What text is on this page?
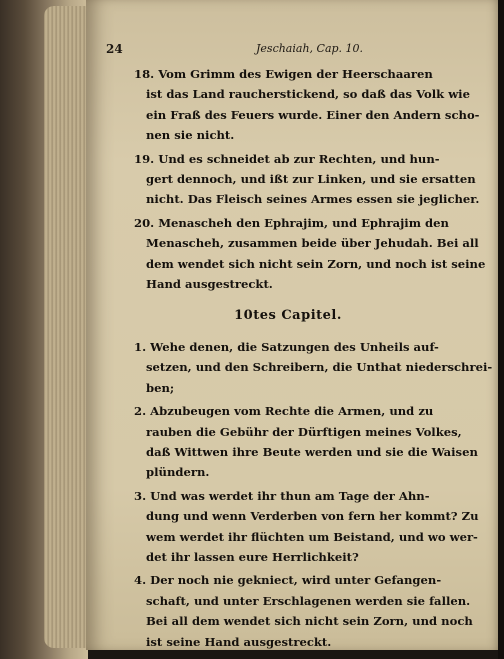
24	Jeschaiah, Cap. 10.
18. Vom Grimm des Ewigen der Heerschaaren
ist das Land raucherstickend, so daß das Volk wie
ein Fraß des Feuers wurde. Einer den Andern scho-
nen sie nicht.
19. Und es schneidet ab zur Rechten, und hun-
gert dennoch, und ißt zur Linken, und sie ersatten
nicht. Das Fleisch seines Armes essen sie jeglicher.
20. Menascheh den Ephrajim, und Ephrajim den
Menascheh, zusammen beide über Jehudah. Bei all
dem wendet sich nicht sein Zorn, und noch ist seine
Hand ausgestreckt.
10tes Capitel.
1. Wehe denen, die Satzungen des Unheils auf-
setzen, und den Schreibern, die Unthat niederschrei-
ben;
2. Abzubeugen vom Rechte die Armen, und zu
rauben die Gebühr der Dürftigen meines Volkes,
daß Wittwen ihre Beute werden und sie die Waisen
plündern.
3. Und was werdet ihr thun am Tage der Ahn-
dung und wenn Verderben von fern her kommt? Zu
wem werdet ihr flüchten um Beistand, und wo wer-
det ihr lassen eure Herrlichkeit?
4. Der noch nie gekniect, wird unter Gefangen-
schaft, und unter Erschlagenen werden sie fallen.
Bei all dem wendet sich nicht sein Zorn, und noch
ist seine Hand ausgestreckt.
